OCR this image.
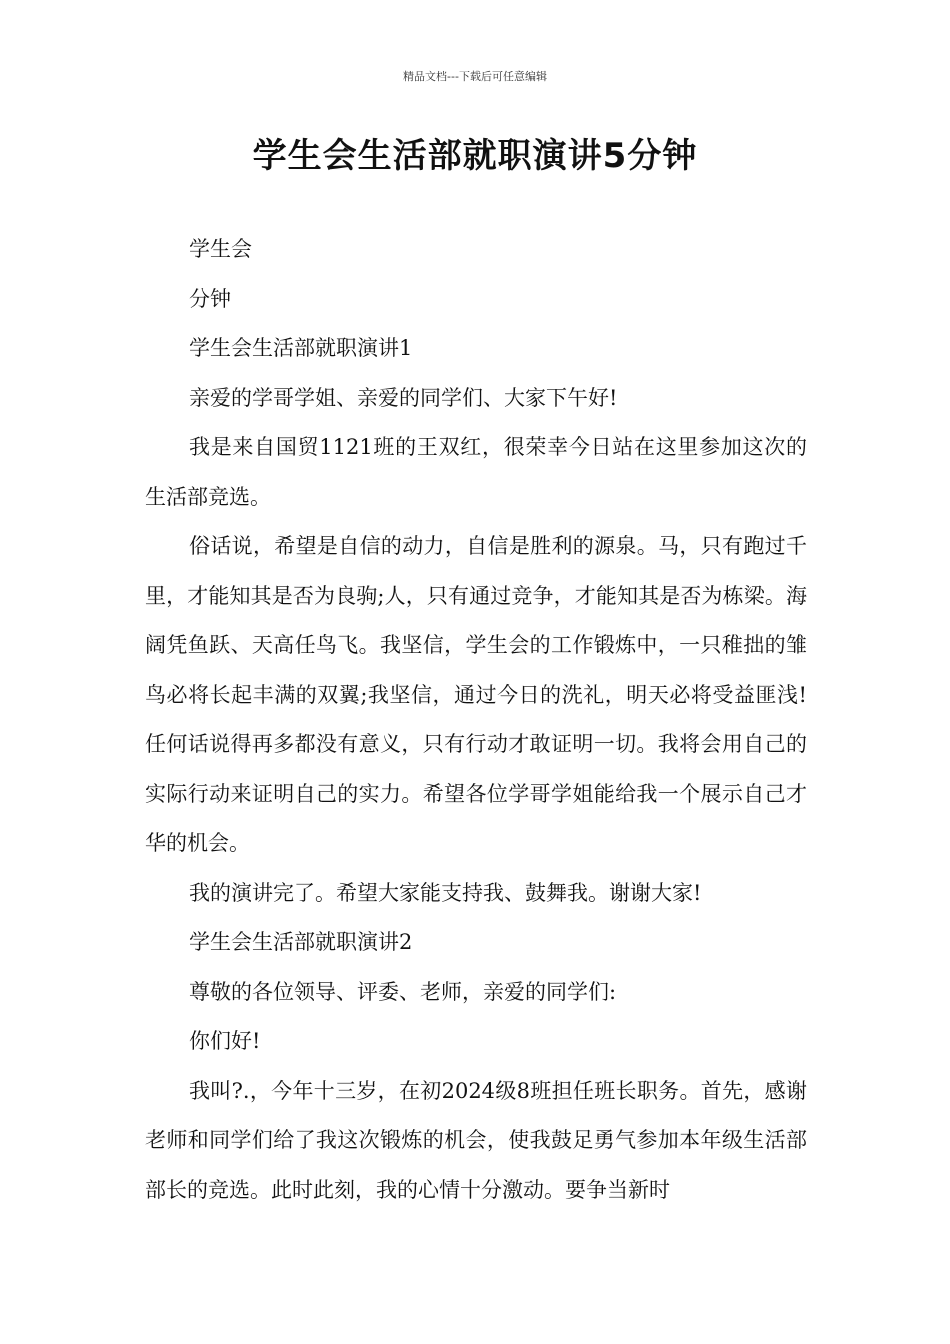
精品文档---下载后可任意编辑
学生会生活部就职演讲5分钟

学生会

分钟

学生会生活部就职演讲1

亲爱的学哥学姐、亲爱的同学们、大家下午好!

我是来自国贸1121班的王双红，很荣幸今日站在这里参加这次的生活部竞选。

俗话说，希望是自信的动力，自信是胜利的源泉。马，只有跑过千里，才能知其是否为良驹;人，只有通过竞争，才能知其是否为栋梁。海阔凭鱼跃、天高任鸟飞。我坚信，学生会的工作锻炼中，一只稚拙的雏鸟必将长起丰满的双翼;我坚信，通过今日的洗礼，明天必将受益匪浅!任何话说得再多都没有意义，只有行动才敢证明一切。我将会用自己的实际行动来证明自己的实力。希望各位学哥学姐能给我一个展示自己才华的机会。

我的演讲完了。希望大家能支持我、鼓舞我。谢谢大家!

学生会生活部就职演讲2

尊敬的各位领导、评委、老师，亲爱的同学们:

你们好!

我叫?.，今年十三岁，在初2024级8班担任班长职务。首先，感谢老师和同学们给了我这次锻炼的机会，使我鼓足勇气参加本年级生活部部长的竞选。此时此刻，我的心情十分激动。要争当新时
